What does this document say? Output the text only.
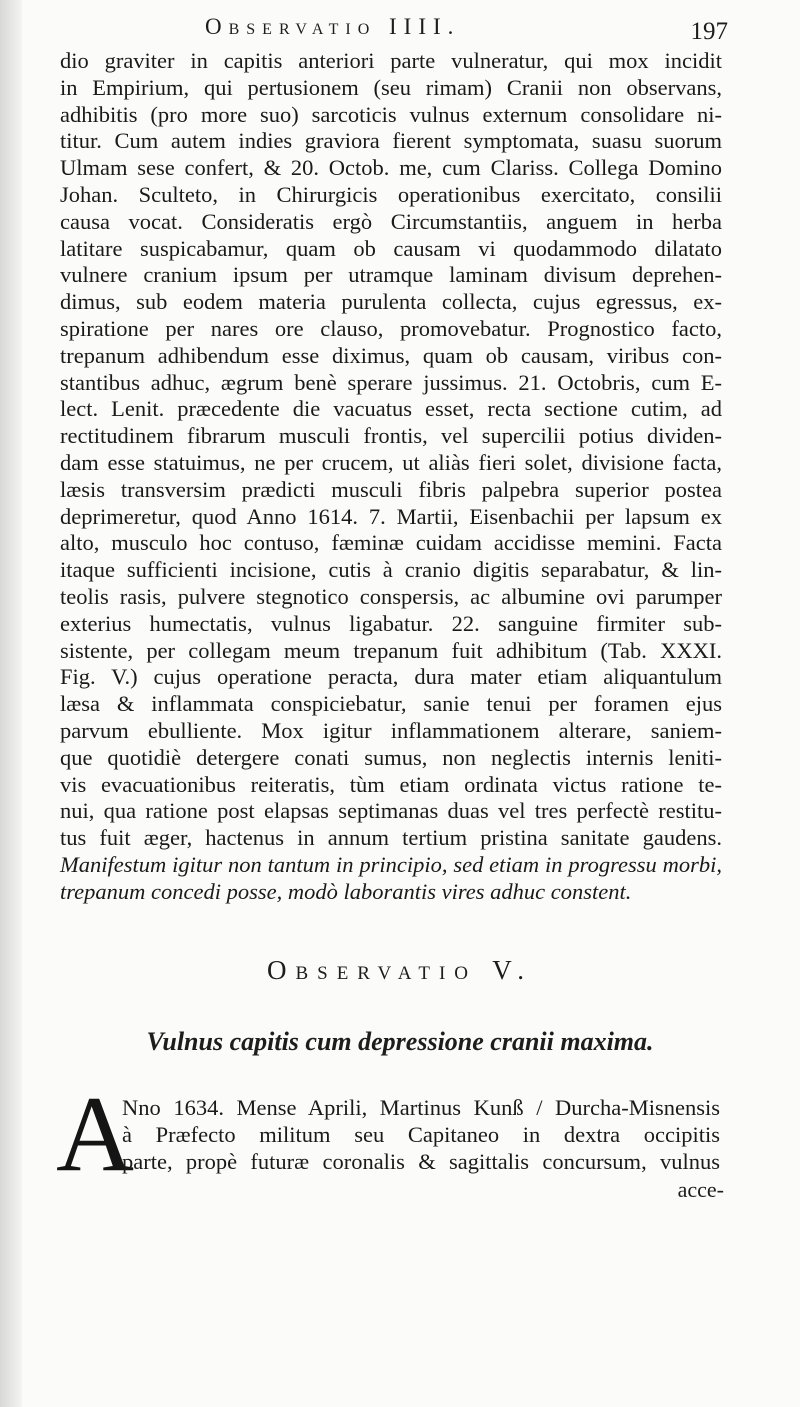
Observatio IIII.	197
dio graviter in capitis anteriori parte vulneratur, qui mox incidit
in Empirium, qui pertusionem (seu rimam) Cranii non observans,
adhibitis (pro more suo) sarcoticis vulnus externum consolidare ni-
titur. Cum autem indies graviora fierent symptomata, suasu suorum
Ulmam sese confert, & 20. Octob. me, cum Clariss. Collega Domino
Johan. Sculteto, in Chirurgicis operationibus exercitato, consilii
causa vocat. Consideratis ergò Circumstantiis, anguem in herba
latitare suspicabamur, quam ob causam vi quodammodo dilatato
vulnere cranium ipsum per utramque laminam divisum deprehen-
dimus, sub eodem materia purulenta collecta, cujus egressus, ex-
spiratione per nares ore clauso, promovebatur. Prognostico facto,
trepanum adhibendum esse diximus, quam ob causam, viribus con-
stantibus adhuc, ægrum benè sperare jussimus. 21. Octobris, cum E-
lect. Lenit. præcedente die vacuatus esset, recta sectione cutim, ad
rectitudinem fibrarum musculi frontis, vel supercilii potius dividen-
dam esse statuimus, ne per crucem, ut aliàs fieri solet, divisione facta,
læsis transversim prædicti musculi fibris palpebra superior postea
deprimeretur, quod Anno 1614. 7. Martii, Eisenbachii per lapsum ex
alto, musculo hoc contuso, fæminæ cuidam accidisse memini. Facta
itaque sufficienti incisione, cutis à cranio digitis separabatur, & lin-
teolis rasis, pulvere stegnotico conspersis, ac albumine ovi parumper
exterius humectatis, vulnus ligabatur. 22. sanguine firmiter sub-
sistente, per collegam meum trepanum fuit adhibitum (Tab. XXXI.
Fig. V.) cujus operatione peracta, dura mater etiam aliquantulum
læsa & inflammata conspiciebatur, sanie tenui per foramen ejus
parvum ebulliente. Mox igitur inflammationem alterare, saniem-
que quotidiè detergere conati sumus, non neglectis internis leniti-
vis evacuationibus reiteratis, tùm etiam ordinata victus ratione te-
nui, qua ratione post elapsas septimanas duas vel tres perfectè restitu-
tus fuit æger, hactenus in annum tertium pristina sanitate gaudens.
Manifestum igitur non tantum in principio, sed etiam in progressu morbi,
trepanum concedi posse, modò laborantis vires adhuc constent.
Observatio V.
Vulnus capitis cum depressione cranii maxima.
A
Nno 1634. Mense Aprili, Martinus Kunß / Durcha-Misnensis
à Præfecto militum seu Capitaneo in dextra occipitis
parte, propè futuræ coronalis & sagittalis concursum, vulnus
acce-
